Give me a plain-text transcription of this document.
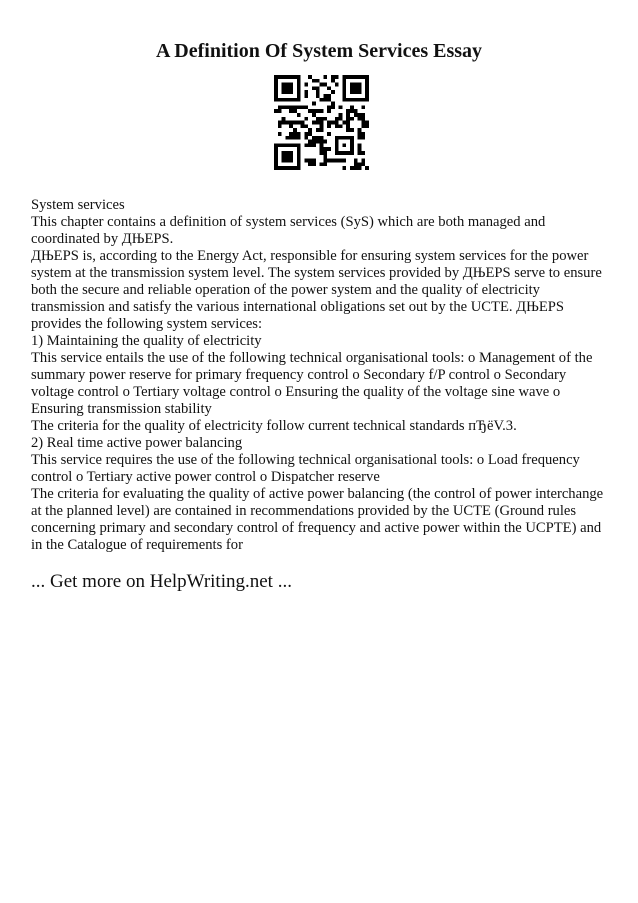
A Definition Of System Services Essay

System services

This chapter contains a definition of system services (SyS) which are both managed and coordinated by ДЊEPS.

ДЊEPS is, according to the Energy Act, responsible for ensuring system services for the power system at the transmission system level. The system services provided by ДЊEPS serve to ensure both the secure and reliable operation of the power system and the quality of electricity transmission and satisfy the various international obligations set out by the UCTE. ДЊEPS provides the following system services:

1) Maintaining the quality of electricity

This service entails the use of the following technical organisational tools: o Management of the summary power reserve for primary frequency control o Secondary f/P control o Secondary voltage control o Tertiary voltage control o Ensuring the quality of the voltage sine wave o Ensuring transmission stability

The criteria for the quality of electricity follow current technical standards пЂёV.3.

2) Real time active power balancing

This service requires the use of the following technical organisational tools: o Load frequency control o Tertiary active power control o Dispatcher reserve

The criteria for evaluating the quality of active power balancing (the control of power interchange at the planned level) are contained in recommendations provided by the UCTE (Ground rules concerning primary and secondary control of frequency and active power within the UCPTE) and in the Catalogue of requirements for

... Get more on HelpWriting.net ...
